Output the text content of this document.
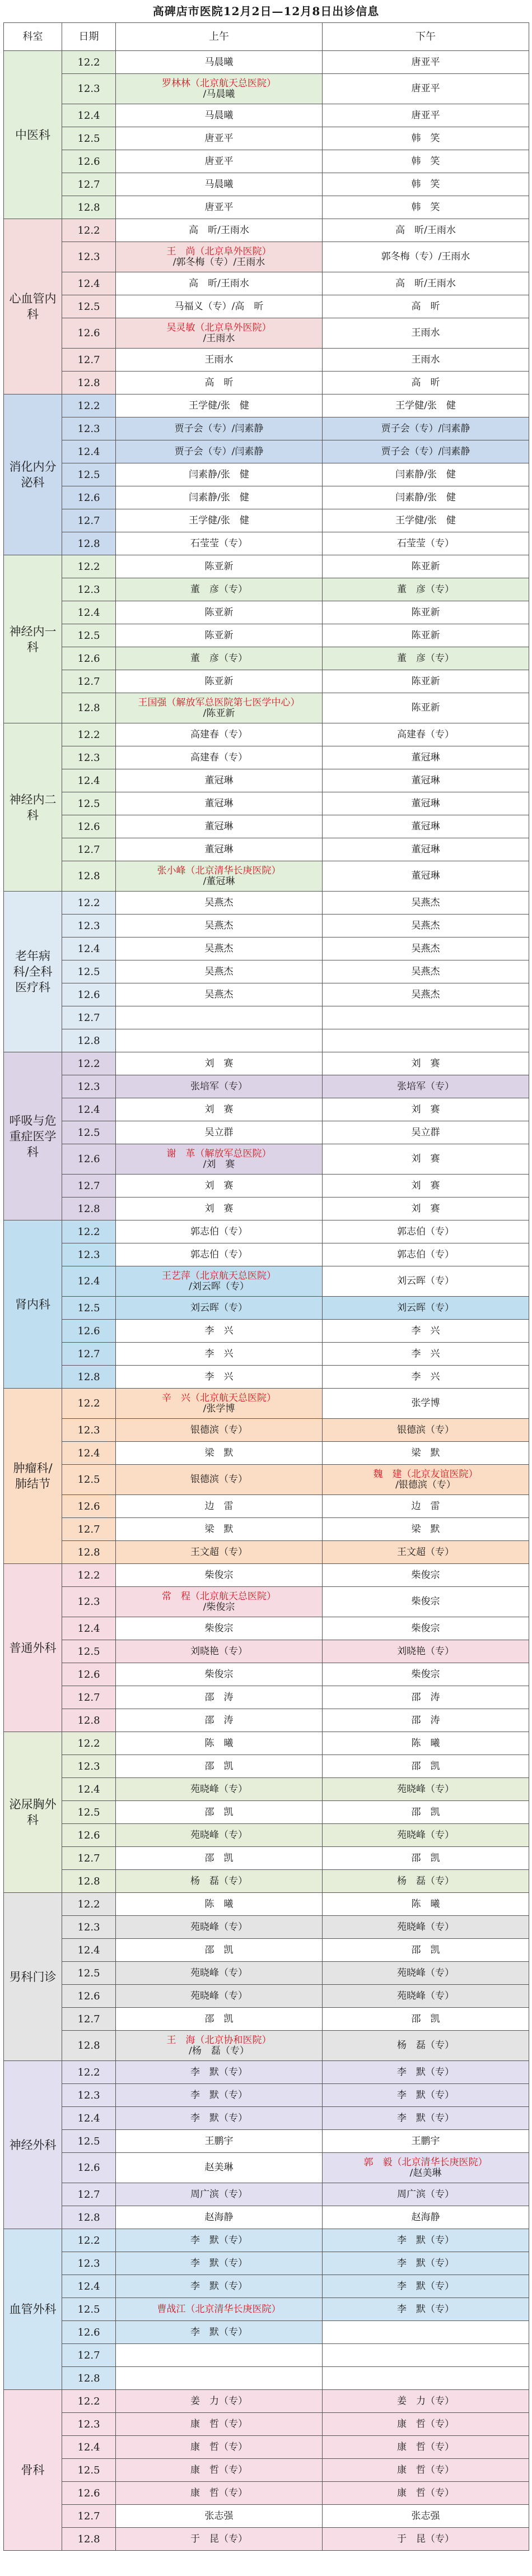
高碑店市医院12月2日—12月8日出诊信息
科室	日期	上午	下午
中医科	12.2	马晨曦	唐亚平

	12.3	罗林林（北京航天总医院）
/马晨曦	唐亚平

	12.4	马晨曦	唐亚平

	12.5	唐亚平	韩　笑

	12.6	唐亚平	韩　笑

	12.7	马晨曦	韩　笑

	12.8	唐亚平	韩　笑

心血管内科	12.2	高　昕/王雨水	高　昕/王雨水

	12.3	王　尚（北京阜外医院）
/郭冬梅（专）/王雨水	郭冬梅（专）/王雨水

	12.4	高　昕/王雨水	高　昕/王雨水

	12.5	马福义（专）/高　昕	高　昕

	12.6	吴灵敏（北京阜外医院）
/王雨水	王雨水

	12.7	王雨水	王雨水

	12.8	高　昕	高　昕

消化内分泌科	12.2	王学健/张　健	王学健/张　健

	12.3	贾子会（专）/闫素静	贾子会（专）/闫素静

	12.4	贾子会（专）/闫素静	贾子会（专）/闫素静

	12.5	闫素静/张　健	闫素静/张　健

	12.6	闫素静/张　健	闫素静/张　健

	12.7	王学健/张　健	王学健/张　健

	12.8	石莹莹（专）	石莹莹（专）

神经内一科	12.2	陈亚新	陈亚新

	12.3	董　彦（专）	董　彦（专）

	12.4	陈亚新	陈亚新

	12.5	陈亚新	陈亚新

	12.6	董　彦（专）	董　彦（专）

	12.7	陈亚新	陈亚新

	12.8	王国强（解放军总医院第七医学中心）
/陈亚新	陈亚新

神经内二科	12.2	高建春（专）	高建春（专）

	12.3	高建春（专）	董冠琳

	12.4	董冠琳	董冠琳

	12.5	董冠琳	董冠琳

	12.6	董冠琳	董冠琳

	12.7	董冠琳	董冠琳

	12.8	张小峰（北京清华长庚医院）
/董冠琳	董冠琳

老年病科/全科医疗科	12.2	吴燕杰	吴燕杰

	12.3	吴燕杰	吴燕杰

	12.4	吴燕杰	吴燕杰

	12.5	吴燕杰	吴燕杰

	12.6	吴燕杰	吴燕杰

	12.7	

	12.8	

呼吸与危重症医学科	12.2	刘　赛	刘　赛

	12.3	张培军（专）	张培军（专）

	12.4	刘　赛	刘　赛

	12.5	吴立群	吴立群

	12.6	谢　革（解放军总医院）
/刘　赛	刘　赛

	12.7	刘　赛	刘　赛

	12.8	刘　赛	刘　赛

肾内科	12.2	郭志伯（专）	郭志伯（专）

	12.3	郭志伯（专）	郭志伯（专）

	12.4	王艺萍（北京航天总医院）
/刘云晖（专）	刘云晖（专）

	12.5	刘云晖（专）	刘云晖（专）

	12.6	李　兴	李　兴

	12.7	李　兴	李　兴

	12.8	李　兴	李　兴

肿瘤科/肺结节	12.2	辛　兴（北京航天总医院）
/张学博	张学博

	12.3	银德滨（专）	银德滨（专）

	12.4	梁　默	梁　默

	12.5	银德滨（专）	魏　建（北京友谊医院）
/银德滨（专）

	12.6	边　雷	边　雷

	12.7	梁　默	梁　默

	12.8	王文超（专）	王文超（专）

普通外科	12.2	柴俊宗	柴俊宗

	12.3	常　程（北京航天总医院）
/柴俊宗	柴俊宗

	12.4	柴俊宗	柴俊宗

	12.5	刘晓艳（专）	刘晓艳（专）

	12.6	柴俊宗	柴俊宗

	12.7	邵　涛	邵　涛

	12.8	邵　涛	邵　涛

泌尿胸外科	12.2	陈　曦	陈　曦

	12.3	邵　凯	邵　凯

	12.4	苑晓峰（专）	苑晓峰（专）

	12.5	邵　凯	邵　凯

	12.6	苑晓峰（专）	苑晓峰（专）

	12.7	邵　凯	邵　凯

	12.8	杨　磊（专）	杨　磊（专）

男科门诊	12.2	陈　曦	陈　曦

	12.3	苑晓峰（专）	苑晓峰（专）

	12.4	邵　凯	邵　凯

	12.5	苑晓峰（专）	苑晓峰（专）

	12.6	苑晓峰（专）	苑晓峰（专）

	12.7	邵　凯	邵　凯

	12.8	王　海（北京协和医院）
/杨　磊（专）	杨　磊（专）

神经外科	12.2	李　默（专）	李　默（专）

	12.3	李　默（专）	李　默（专）

	12.4	李　默（专）	李　默（专）

	12.5	王鹏宇	王鹏宇

	12.6	赵美琳	郭　毅（北京清华长庚医院）
/赵美琳

	12.7	周广滨（专）	周广滨（专）

	12.8	赵海静	赵海静

血管外科	12.2	李　默（专）	李　默（专）

	12.3	李　默（专）	李　默（专）

	12.4	李　默（专）	李　默（专）

	12.5	曹战江（北京清华长庚医院）	李　默（专）

	12.6	李　默（专）	

	12.7	

	12.8	

骨科	12.2	姜　力（专）	姜　力（专）

	12.3	康　哲（专）	康　哲（专）

	12.4	康　哲（专）	康　哲（专）

	12.5	康　哲（专）	康　哲（专）

	12.6	康　哲（专）	康　哲（专）

	12.7	张志强	张志强

	12.8	于　昆（专）	于　昆（专）
